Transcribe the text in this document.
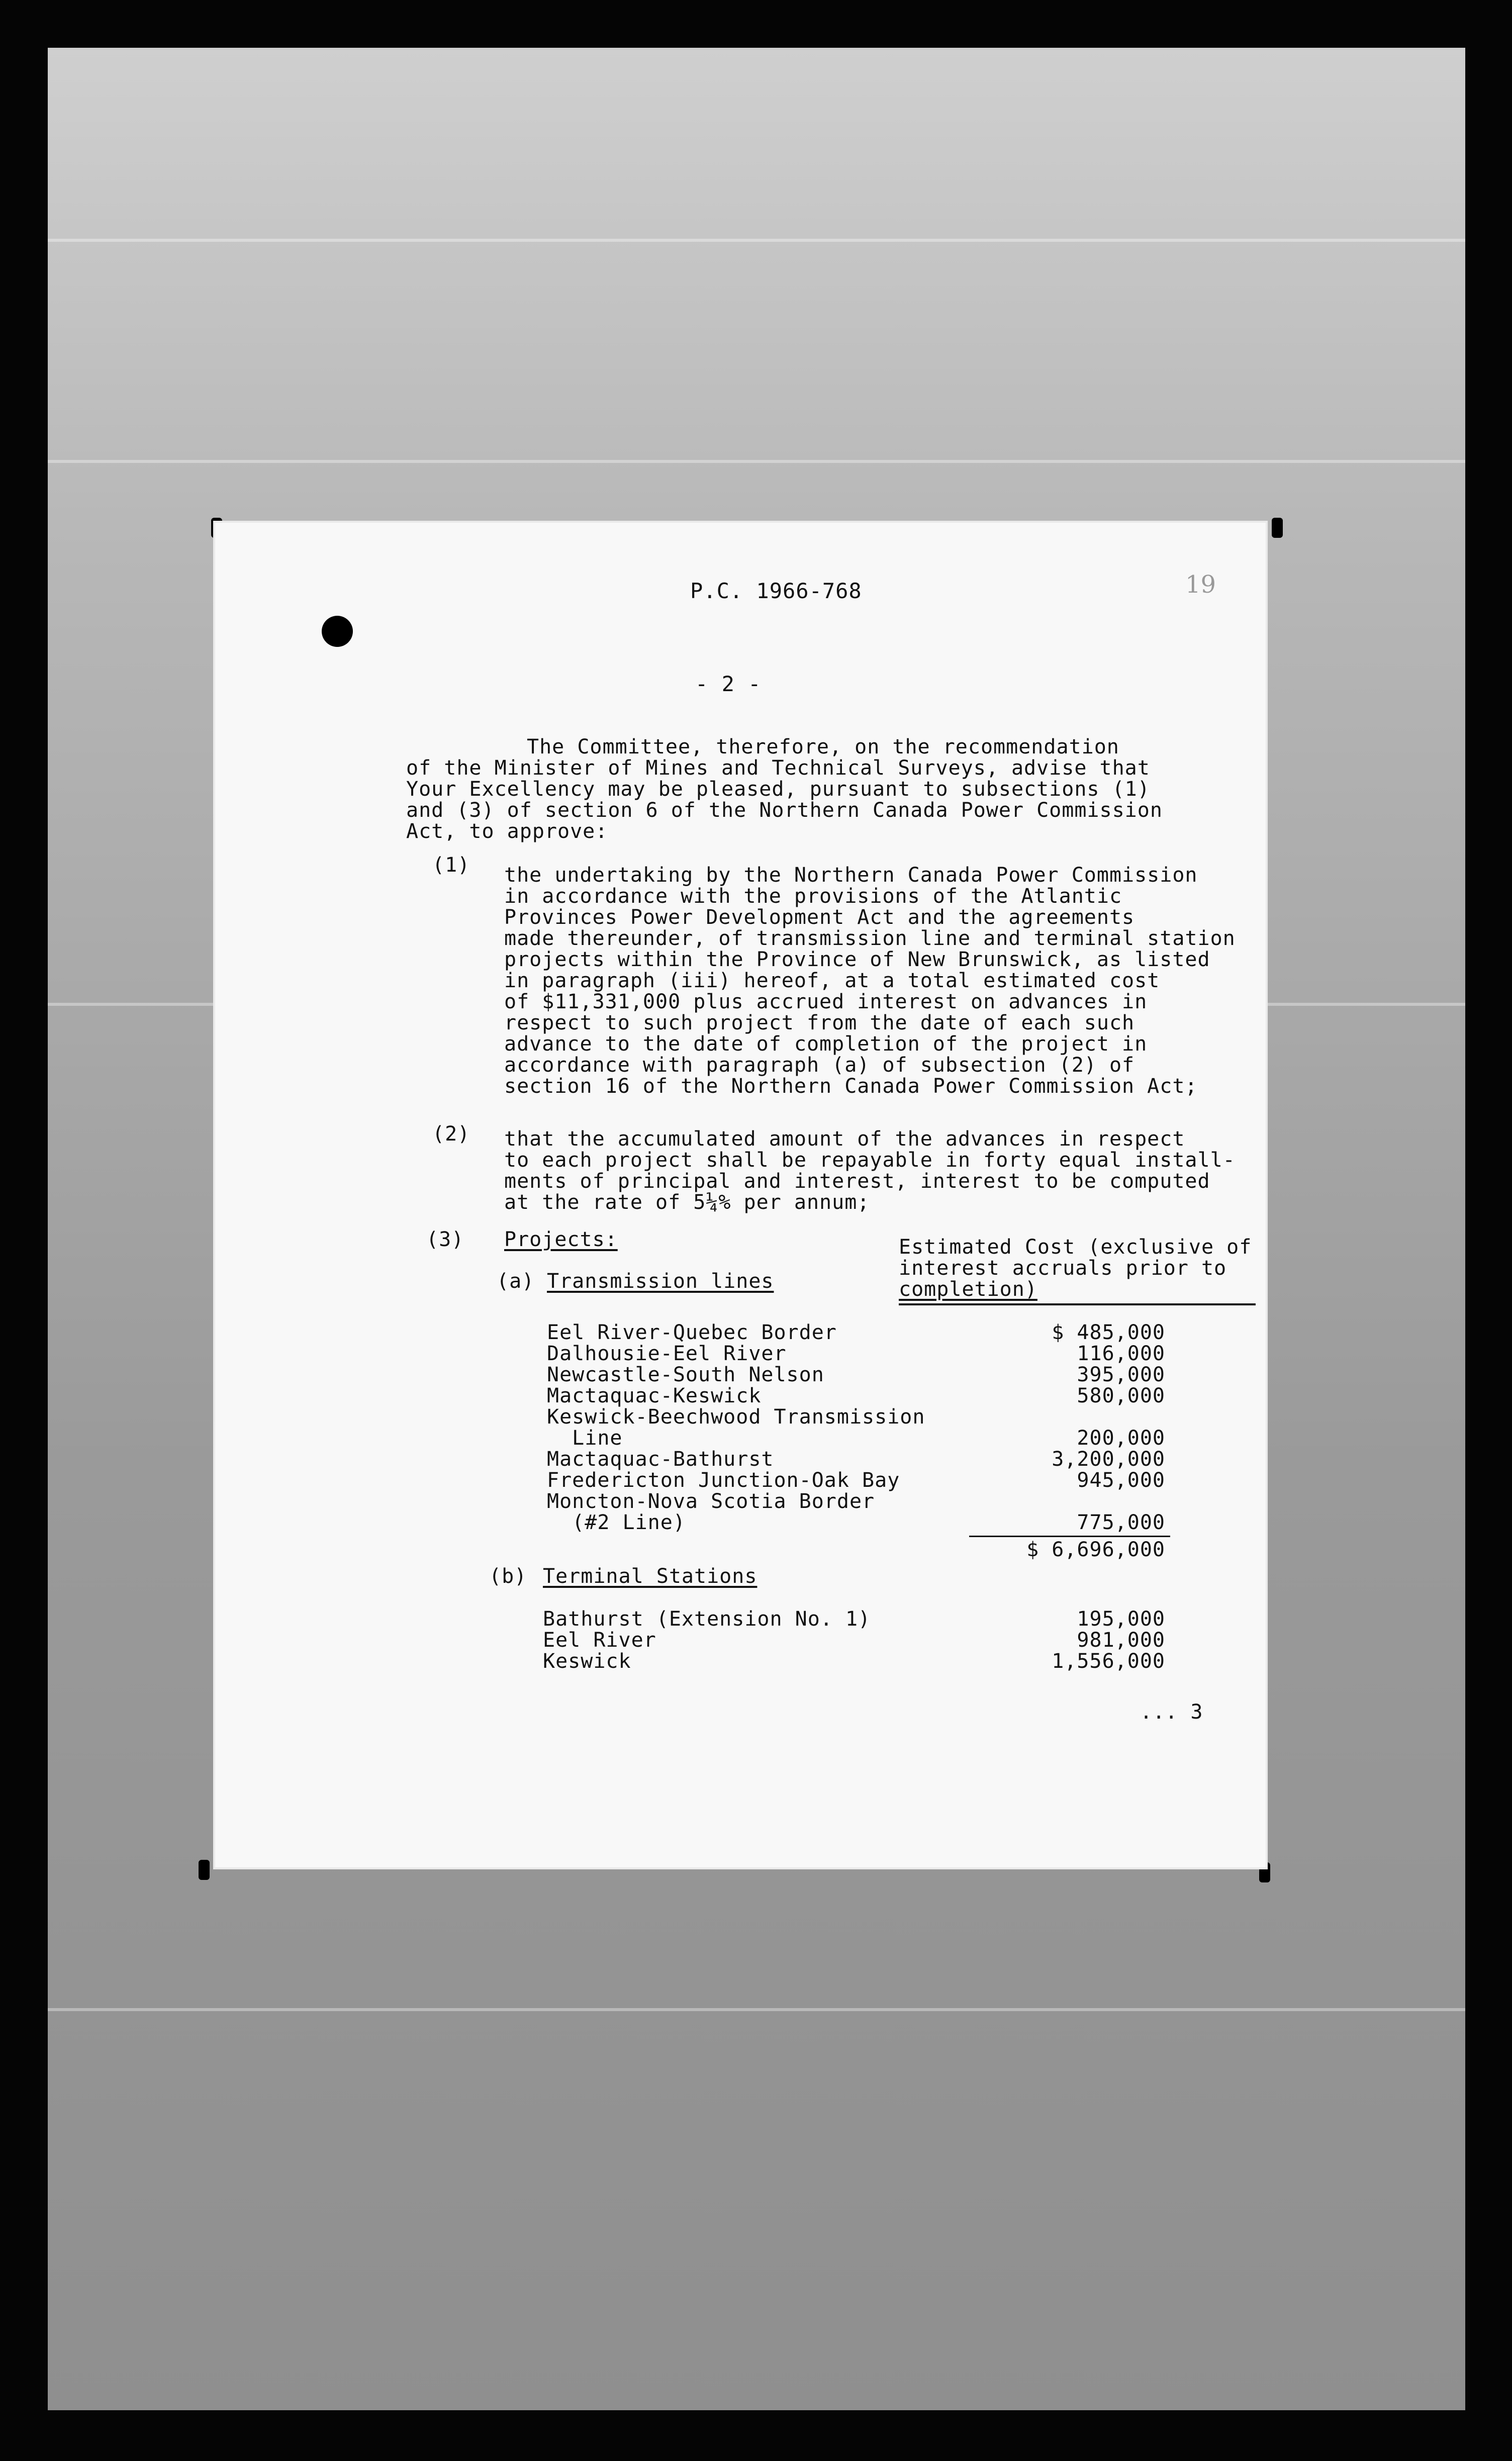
P.C. 1966-768	19
- 2 -
The Committee, therefore, on the recommendation
of the Minister of Mines and Technical Surveys, advise that
Your Excellency may be pleased, pursuant to subsections (1)
and (3) of section 6 of the Northern Canada Power Commission
Act, to approve:
(1) the undertaking by the Northern Canada Power Commission
in accordance with the provisions of the Atlantic
Provinces Power Development Act and the agreements
made thereunder, of transmission line and terminal station
projects within the Province of New Brunswick, as listed
in paragraph (iii) hereof, at a total estimated cost
of $11,331,000 plus accrued interest on advances in
respect to such project from the date of each such
advance to the date of completion of the project in
accordance with paragraph (a) of subsection (2) of
section 16 of the Northern Canada Power Commission Act;
(2) that the accumulated amount of the advances in respect
to each project shall be repayable in forty equal install-
ments of principal and interest, interest to be computed
at the rate of 5¼% per annum;
(3) Projects:	Estimated Cost (exclusive of
interest accruals prior to
completion)
(a) Transmission lines
Eel River-Quebec Border	$ 485,000
Dalhousie-Eel River	116,000
Newcastle-South Nelson	395,000
Mactaquac-Keswick	580,000
Keswick-Beechwood Transmission
Line	200,000
Mactaquac-Bathurst	3,200,000
Fredericton Junction-Oak Bay	945,000
Moncton-Nova Scotia Border
(#2 Line)	775,000
$ 6,696,000
(b) Terminal Stations
Bathurst (Extension No. 1)	195,000
Eel River	981,000
Keswick	1,556,000
... 3
